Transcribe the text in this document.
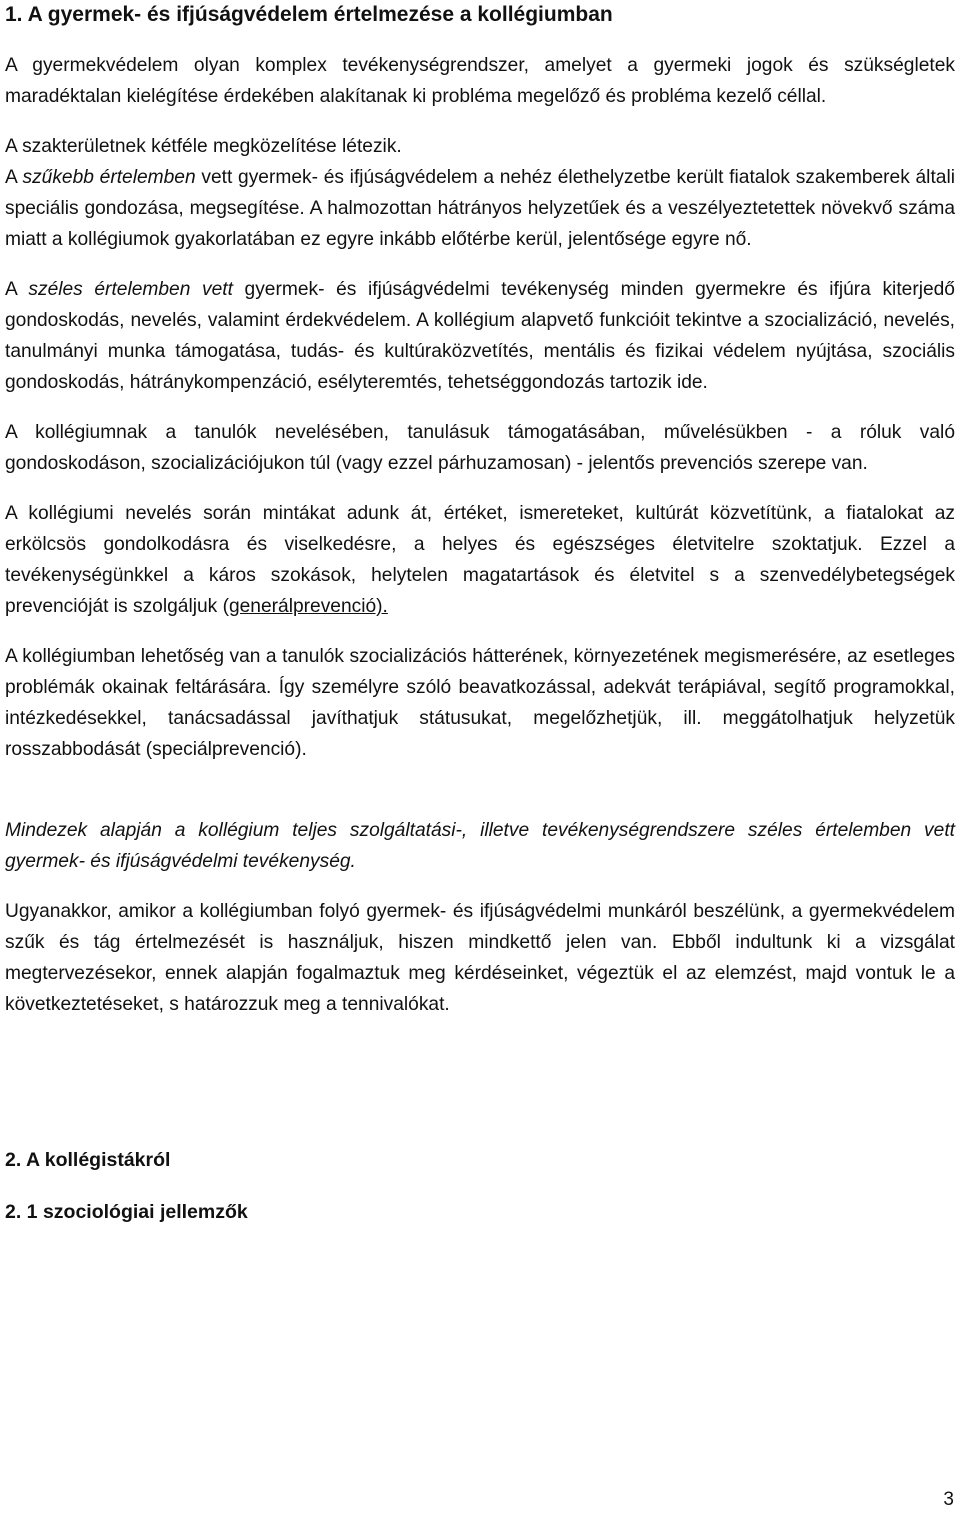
1. A gyermek- és ifjúságvédelem értelmezése a kollégiumban

A gyermekvédelem olyan komplex tevékenységrendszer, amelyet a gyermeki jogok és szükségletek maradéktalan kielégítése érdekében alakítanak ki probléma megelőző és probléma kezelő céllal.

A szakterületnek kétféle megközelítése létezik.

A szűkebb értelemben vett gyermek- és ifjúságvédelem a nehéz élethelyzetbe került fiatalok szakemberek általi speciális gondozása, megsegítése. A halmozottan hátrányos helyzetűek és a veszélyeztetettek növekvő száma miatt a kollégiumok gyakorlatában ez egyre inkább előtérbe kerül, jelentősége egyre nő.

A széles értelemben vett gyermek- és ifjúságvédelmi tevékenység minden gyermekre és ifjúra kiterjedő gondoskodás, nevelés, valamint érdekvédelem. A kollégium alapvető funkcióit tekintve a szocializáció, nevelés, tanulmányi munka támogatása, tudás- és kultúraközvetítés, mentális és fizikai védelem nyújtása, szociális gondoskodás, hátránykompenzáció, esélyteremtés, tehetséggondozás tartozik ide.

A kollégiumnak a tanulók nevelésében, tanulásuk támogatásában, művelésükben - a róluk való gondoskodáson, szocializációjukon túl (vagy ezzel párhuzamosan) - jelentős prevenciós szerepe van.

A kollégiumi nevelés során mintákat adunk át, értéket, ismereteket, kultúrát közvetítünk, a fiatalokat az erkölcsös gondolkodásra és viselkedésre, a helyes és egészséges életvitelre szoktatjuk. Ezzel a tevékenységünkkel a káros szokások, helytelen magatartások és életvitel s a szenvedélybetegségek prevencióját is szolgáljuk (generálprevenció).

A kollégiumban lehetőség van a tanulók szocializációs hátterének, környezetének megismerésére, az esetleges problémák okainak feltárására. Így személyre szóló beavatkozással, adekvát terápiával, segítő programokkal, intézkedésekkel, tanácsadással javíthatjuk státusukat, megelőzhetjük, ill. meggátolhatjuk helyzetük rosszabbodását (speciálprevenció).

Mindezek alapján a kollégium teljes szolgáltatási-, illetve tevékenységrendszere széles értelemben vett gyermek- és ifjúságvédelmi tevékenység.

Ugyanakkor, amikor a kollégiumban folyó gyermek- és ifjúságvédelmi munkáról beszélünk, a gyermekvédelem szűk és tág értelmezését is használjuk, hiszen mindkettő jelen van. Ebből indultunk ki a vizsgálat megtervezésekor, ennek alapján fogalmaztuk meg kérdéseinket, végeztük el az elemzést, majd vontuk le a következtetéseket, s határozzuk meg a tennivalókat.

2. A kollégistákról
2. 1 szociológiai jellemzők
3
